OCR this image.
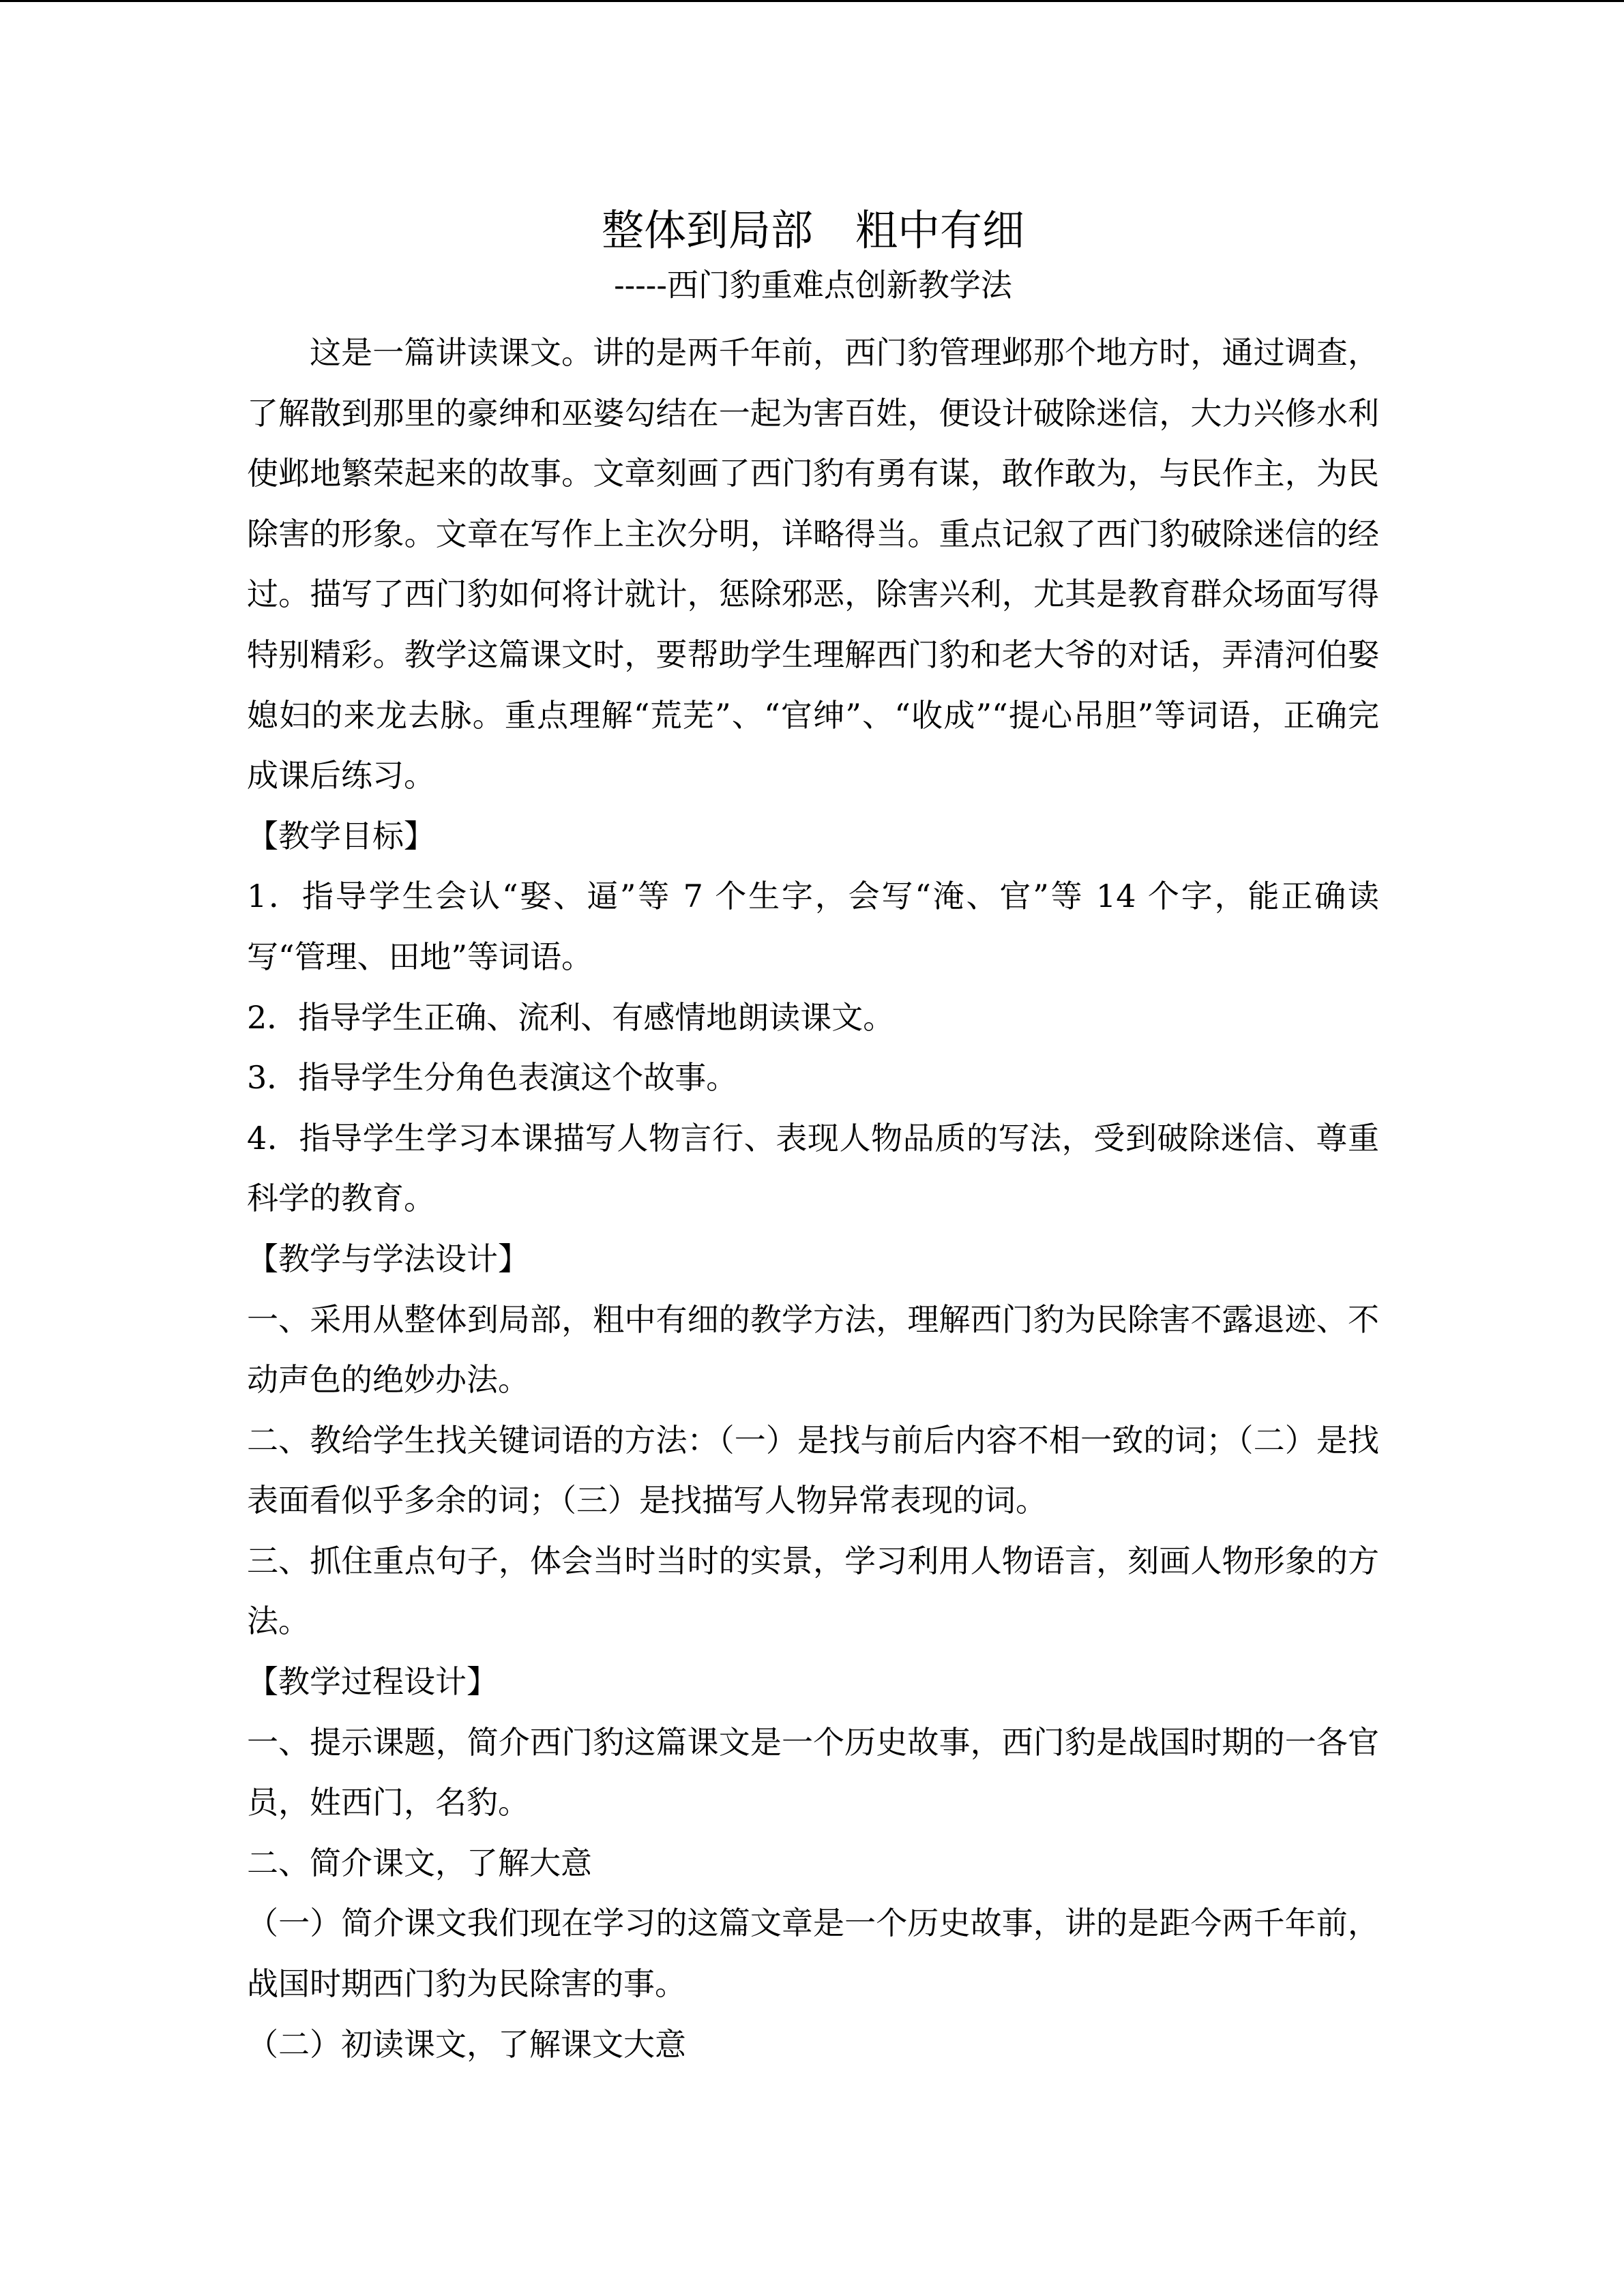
整体到局部　粗中有细
-----西门豹重难点创新教学法

这是一篇讲读课文。讲的是两千年前，西门豹管理邺那个地方时，通过调查，了解散到那里的豪绅和巫婆勾结在一起为害百姓，便设计破除迷信，大力兴修水利使邺地繁荣起来的故事。文章刻画了西门豹有勇有谋，敢作敢为，与民作主，为民除害的形象。文章在写作上主次分明，详略得当。重点记叙了西门豹破除迷信的经过。描写了西门豹如何将计就计，惩除邪恶，除害兴利，尤其是教育群众场面写得特别精彩。教学这篇课文时，要帮助学生理解西门豹和老大爷的对话，弄清河伯娶媳妇的来龙去脉。重点理解“荒芜”、“官绅”、“收成”“提心吊胆”等词语，正确完成课后练习。

【教学目标】

1．指导学生会认“娶、逼”等 7 个生字，会写“淹、官”等 14 个字，能正确读写“管理、田地”等词语。

2．指导学生正确、流利、有感情地朗读课文。

3．指导学生分角色表演这个故事。

4．指导学生学习本课描写人物言行、表现人物品质的写法，受到破除迷信、尊重科学的教育。

【教学与学法设计】

一、采用从整体到局部，粗中有细的教学方法，理解西门豹为民除害不露退迹、不动声色的绝妙办法。

二、教给学生找关键词语的方法：（一）是找与前后内容不相一致的词；（二）是找表面看似乎多余的词；（三）是找描写人物异常表现的词。

三、抓住重点句子，体会当时当时的实景，学习利用人物语言，刻画人物形象的方法。

【教学过程设计】

一、提示课题，简介西门豹这篇课文是一个历史故事，西门豹是战国时期的一各官员，姓西门，名豹。

二、简介课文，了解大意

（一）简介课文我们现在学习的这篇文章是一个历史故事，讲的是距今两千年前，战国时期西门豹为民除害的事。

（二）初读课文，了解课文大意
